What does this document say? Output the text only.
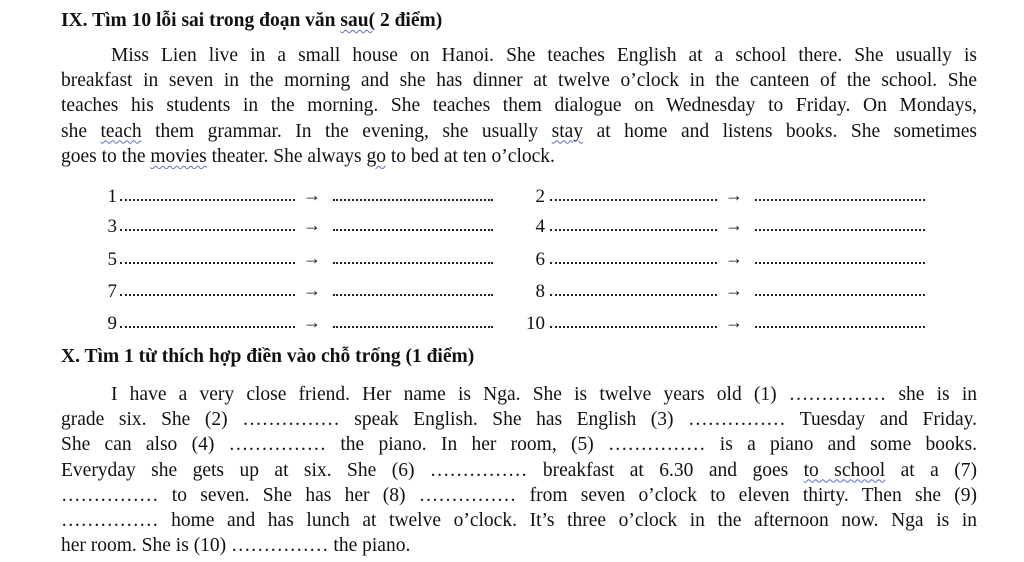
IX. Tìm 10 lỗi sai trong đoạn văn sau( 2 điểm)
Miss Lien live in a small house on Hanoi. She teaches English at a school there. She usually is
breakfast in seven in the morning and she has dinner at twelve o’clock in the canteen of the school. She
teaches his students in the morning. She teaches them dialogue on Wednesday to Friday. On Mondays,
she teach them grammar. In the evening, she usually stay at home and listens books. She sometimes
goes to the movies theater. She always go to bed at ten o’clock.
1	→	2	→
3	→	4	→
5	→	6	→
7	→	8	→
9	→	10	→
X. Tìm 1 từ thích hợp điền vào chỗ trống (1 điểm)
I have a very close friend. Her name is Nga. She is twelve years old (1) …………… she is in
grade six. She (2) …………… speak English. She has English (3) …………… Tuesday and Friday.
She can also (4) …………… the piano. In her room, (5) …………… is a piano and some books.
Everyday she gets up at six. She (6) …………… breakfast at 6.30 and goes to school at a (7)
…………… to seven. She has her (8) …………… from seven o’clock to eleven thirty. Then she (9)
…………… home and has lunch at twelve o’clock. It’s three o’clock in the afternoon now. Nga is in
her room. She is (10) …………… the piano.
